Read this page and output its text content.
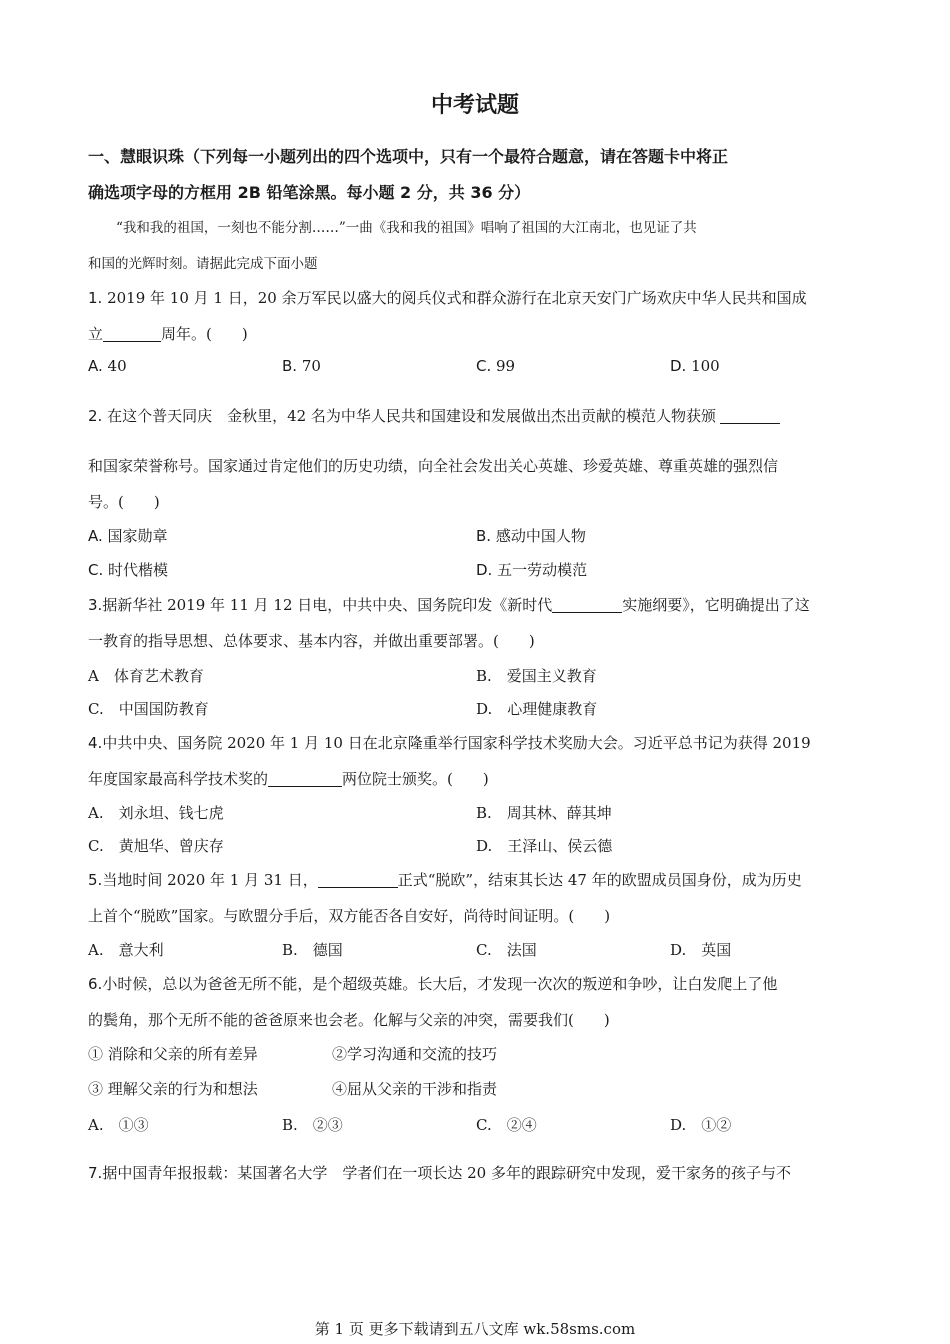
中考试题
一、慧眼识珠（下列每一小题列出的四个选项中，只有一个最符合题意，请在答题卡中将正
确选项字母的方框用 2B 铅笔涂黑。每小题 2 分，共 36 分）
“我和我的祖国，一刻也不能分割……”一曲《我和我的祖国》唱响了祖国的大江南北，也见证了共
和国的光辉时刻。请据此完成下面小题
1. 2019 年 10 月 1 日，20 余万军民以盛大的阅兵仪式和群众游行在北京天安门广场欢庆中华人民共和国成
立	周年。(　　)
A. 40	B. 70	C. 99	D. 100
2. 在这个普天同庆　金秋里，42 名为中华人民共和国建设和发展做出杰出贡献的模范人物获颁
和国家荣誉称号。国家通过肯定他们的历史功绩，向全社会发出关心英雄、珍爱英雄、尊重英雄的强烈信
号。(　　)
A. 国家勋章	B. 感动中国人物
C. 时代楷模	D. 五一劳动模范
3.据新华社 2019 年 11 月 12 日电，中共中央、国务院印发《新时代	实施纲要》，它明确提出了这
一教育的指导思想、总体要求、基本内容，并做出重要部署。(　　)
A　体育艺术教育	B.　爱国主义教育
C.　中国国防教育	D.　心理健康教育
4.中共中央、国务院 2020 年 1 月 10 日在北京隆重举行国家科学技术奖励大会。习近平总书记为获得 2019
年度国家最高科学技术奖的	两位院士颁奖。(　　)
A.　刘永坦、钱七虎	B.　周其林、薛其坤
C.　黄旭华、曾庆存	D.　王泽山、侯云德
5.当地时间 2020 年 1 月 31 日，	正式“脱欧”，结束其长达 47 年的欧盟成员国身份，成为历史
上首个“脱欧”国家。与欧盟分手后，双方能否各自安好，尚待时间证明。(　　)
A.　意大利	B.　德国	C.　法国	D.　英国
6.小时候，总以为爸爸无所不能，是个超级英雄。长大后，才发现一次次的叛逆和争吵，让白发爬上了他
的鬓角，那个无所不能的爸爸原来也会老。化解与父亲的冲突，需要我们(　　)
① 消除和父亲的所有差异	②学习沟通和交流的技巧
③ 理解父亲的行为和想法	④屈从父亲的干涉和指责
A.　①③	B.　②③	C.　②④	D.　①②
7.据中国青年报报载：某国著名大学　学者们在一项长达 20 多年的跟踪研究中发现，爱干家务的孩子与不
第 1 页 更多下载请到五八文库 wk.58sms.com
